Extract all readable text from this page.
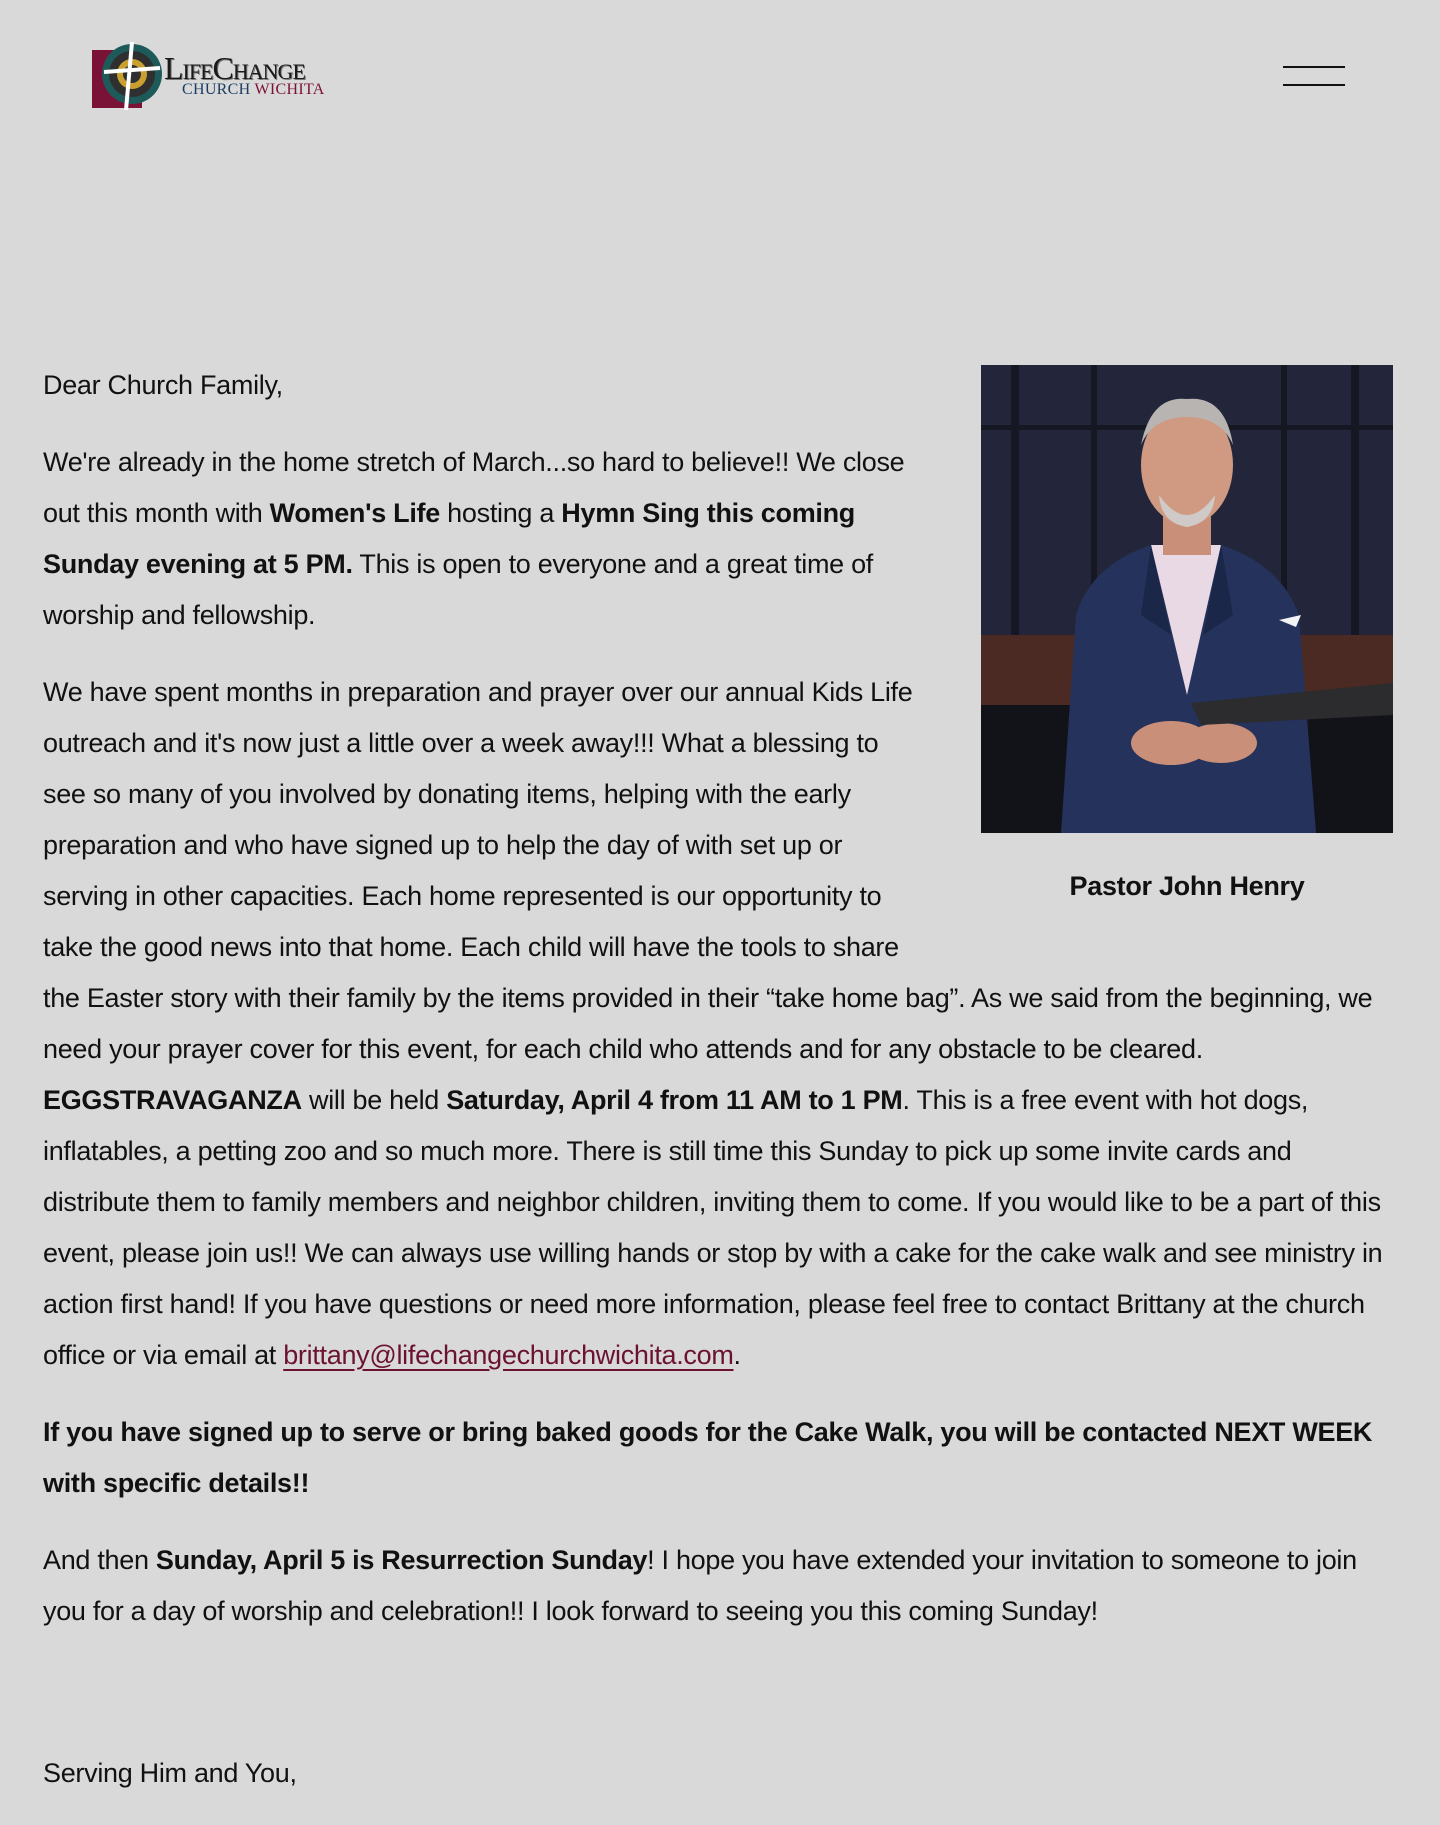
LifeChange
CHURCH WICHITA
Pastor John Henry

Dear Church Family,

We're already in the home stretch of March...so hard to believe!! We close out this month with Women's Life hosting a Hymn Sing this coming Sunday evening at 5 PM. This is open to everyone and a great time of worship and fellowship.

We have spent months in preparation and prayer over our annual Kids Life outreach and it's now just a little over a week away!!! What a blessing to see so many of you involved by donating items, helping with the early preparation and who have signed up to help the day of with set up or serving in other capacities. Each home represented is our opportunity to take the good news into that home. Each child will have the tools to share the Easter story with their family by the items provided in their “take home bag”. As we said from the beginning, we need your prayer cover for this event, for each child who attends and for any obstacle to be cleared. EGGSTRAVAGANZA will be held Saturday, April 4 from 11 AM to 1 PM. This is a free event with hot dogs, inflatables, a petting zoo and so much more. There is still time this Sunday to pick up some invite cards and distribute them to family members and neighbor children, inviting them to come. If you would like to be a part of this event, please join us!! We can always use willing hands or stop by with a cake for the cake walk and see ministry in action first hand! If you have questions or need more information, please feel free to contact Brittany at the church office or via email at brittany@lifechangechurchwichita.com.

If you have signed up to serve or bring baked goods for the Cake Walk, you will be contacted NEXT WEEK with specific details!!

And then Sunday, April 5 is Resurrection Sunday! I hope you have extended your invitation to someone to join you for a day of worship and celebration!! I look forward to seeing you this coming Sunday!

Serving Him and You,
